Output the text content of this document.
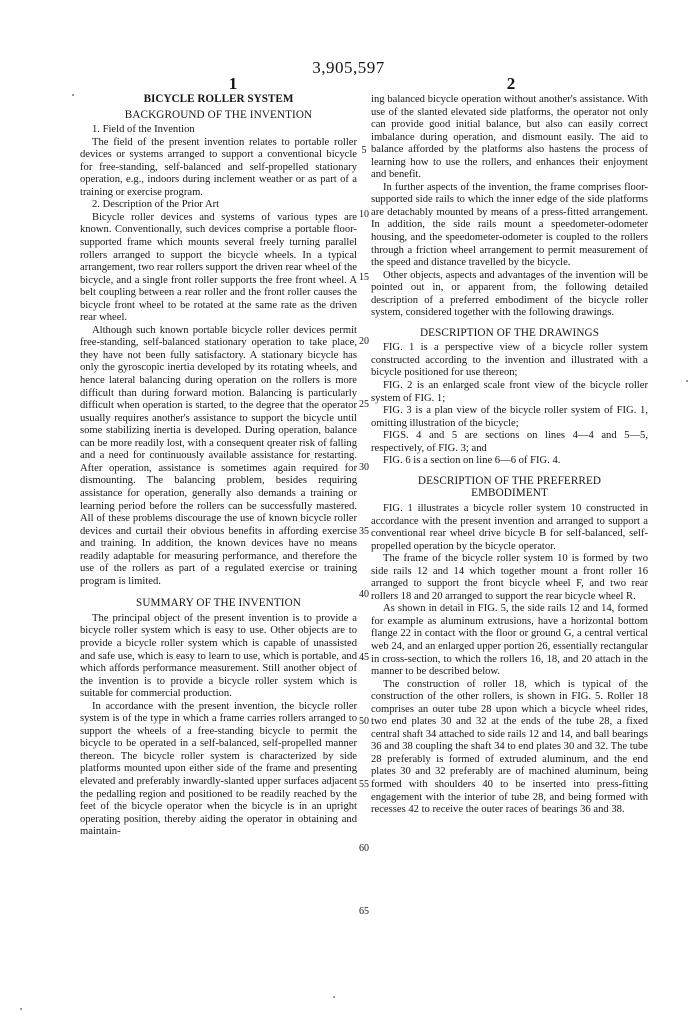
3,905,597
1	2
BICYCLE ROLLER SYSTEM
BACKGROUND OF THE INVENTION

1. Field of the Invention

The field of the present invention relates to portable roller devices or systems arranged to support a conventional bicycle for free-standing, self-balanced and self-propelled stationary operation, e.g., indoors during inclement weather or as part of a training or exercise program.

2. Description of the Prior Art

Bicycle roller devices and systems of various types are known. Conventionally, such devices comprise a portable floor-supported frame which mounts several freely turning parallel rollers arranged to support the bicycle wheels. In a typical arrangement, two rear rollers support the driven rear wheel of the bicycle, and a single front roller supports the free front wheel. A belt coupling between a rear roller and the front roller causes the bicycle front wheel to be rotated at the same rate as the driven rear wheel.

Although such known portable bicycle roller devices permit free-standing, self-balanced stationary operation to take place, they have not been fully satisfactory. A stationary bicycle has only the gyroscopic inertia developed by its rotating wheels, and hence lateral balancing during operation on the rollers is more difficult than during forward motion. Balancing is particularly difficult when operation is started, to the degree that the operator usually requires another's assistance to support the bicycle until some stabilizing inertia is developed. During operation, balance can be more readily lost, with a consequent qreater risk of falling and a need for continuously available assistance for restarting. After operation, assistance is sometimes again required for dismounting. The balancing problem, besides requiring assistance for operation, generally also demands a training or learning period before the rollers can be successfully mastered. All of these problems discourage the use of known bicycle roller devices and curtail their obvious benefits in affording exercise and training. In addition, the known devices have no means readily adaptable for measuring performance, and therefore the use of the rollers as part of a regulated exercise or training program is limited.

SUMMARY OF THE INVENTION

The principal object of the present invention is to provide a bicycle roller system which is easy to use. Other objects are to provide a bicycle roller system which is capable of unassisted and safe use, which is easy to learn to use, which is portable, and which affords performance measurement. Still another object of the invention is to provide a bicycle roller system which is suitable for commercial production.

In accordance with the present invention, the bicycle roller system is of the type in which a frame carries rollers arranged to support the wheels of a free-standing bicycle to permit the bicycle to be operated in a self-balanced, self-propelled manner thereon. The bicycle roller system is characterized by side platforms mounted upon either side of the frame and presenting elevated and preferably inwardly-slanted upper surfaces adjacent the pedalling region and positioned to be readily reached by the feet of the bicycle operator when the bicycle is in an upright operating position, thereby aiding the operator in obtaining and maintain-

ing balanced bicycle operation without another's assistance. With use of the slanted elevated side platforms, the operator not only can provide good initial balance, but also can easily correct imbalance during operation, and dismount easily. The aid to balance afforded by the platforms also hastens the process of learning how to use the rollers, and enhances their enjoyment and benefit.

In further aspects of the invention, the frame comprises floor-supported side rails to which the inner edge of the side platforms are detachably mounted by means of a press-fitted arrangement. In addition, the side rails mount a speedometer-odometer housing, and the speedometer-odometer is coupled to the rollers through a friction wheel arrangement to permit measurement of the speed and distance travelled by the bicycle.

Other objects, aspects and advantages of the invention will be pointed out in, or apparent from, the following detailed description of a preferred embodiment of the bicycle roller system, considered together with the following drawings.

DESCRIPTION OF THE DRAWINGS

FIG. 1 is a perspective view of a bicycle roller system constructed according to the invention and illustrated with a bicycle positioned for use thereon;

FIG. 2 is an enlarged scale front view of the bicycle roller system of FIG. 1;

FIG. 3 is a plan view of the bicycle roller system of FIG. 1, omitting illustration of the bicycle;

FIGS. 4 and 5 are sections on lines 4—4 and 5—5, respectively, of FIG. 3; and

FIG. 6 is a section on line 6—6 of FIG. 4.

DESCRIPTION OF THE PREFERRED
EMBODIMENT

FIG. 1 illustrates a bicycle roller system 10 constructed in accordance with the present invention and arranged to support a conventional rear wheel drive bicycle B for self-balanced, self-propelled operation by the bicycle operator.

The frame of the bicycle roller system 10 is formed by two side rails 12 and 14 which together mount a front roller 16 arranged to support the front bicycle wheel F, and two rear rollers 18 and 20 arranged to support the rear bicycle wheel R.

As shown in detail in FIG. 5, the side rails 12 and 14, formed for example as aluminum extrusions, have a horizontal bottom flange 22 in contact with the floor or ground G, a central vertical web 24, and an enlarged upper portion 26, essentially rectangular in cross-section, to which the rollers 16, 18, and 20 attach in the manner to be described below.

The construction of roller 18, which is typical of the construction of the other rollers, is shown in FIG. 5. Roller 18 comprises an outer tube 28 upon which a bicycle wheel rides, two end plates 30 and 32 at the ends of the tube 28, a fixed central shaft 34 attached to side rails 12 and 14, and ball bearings 36 and 38 coupling the shaft 34 to end plates 30 and 32. The tube 28 preferably is formed of extruded aluminum, and the end plates 30 and 32 preferably are of machined aluminum, being formed with shoulders 40 to be inserted into press-fitting engagement with the interior of tube 28, and being formed with recesses 42 to receive the outer races of bearings 36 and 38.

5
10
15
20
25
30
35
40
45
50
55
60
65
